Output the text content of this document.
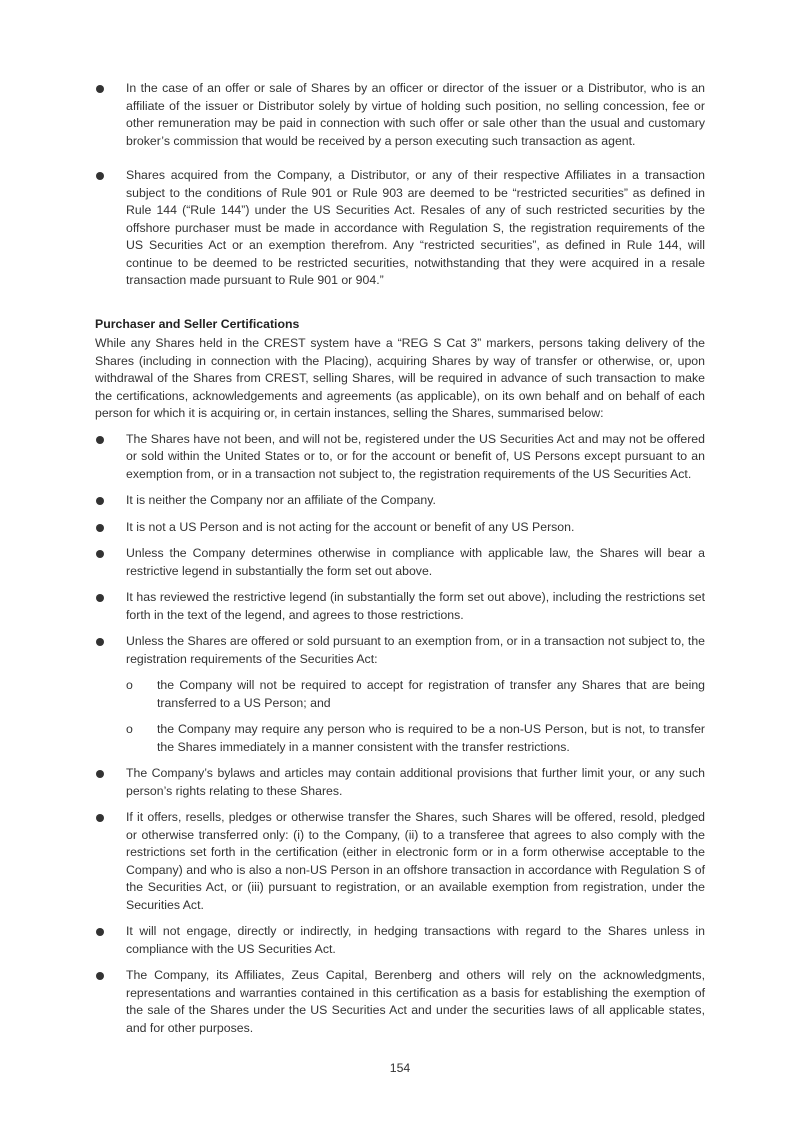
In the case of an offer or sale of Shares by an officer or director of the issuer or a Distributor, who is an affiliate of the issuer or Distributor solely by virtue of holding such position, no selling concession, fee or other remuneration may be paid in connection with such offer or sale other than the usual and customary broker’s commission that would be received by a person executing such transaction as agent.

Shares acquired from the Company, a Distributor, or any of their respective Affiliates in a transaction subject to the conditions of Rule 901 or Rule 903 are deemed to be “restricted securities” as defined in Rule 144 (“Rule 144”) under the US Securities Act. Resales of any of such restricted securities by the offshore purchaser must be made in accordance with Regulation S, the registration requirements of the US Securities Act or an exemption therefrom. Any “restricted securities”, as defined in Rule 144, will continue to be deemed to be restricted securities, notwithstanding that they were acquired in a resale transaction made pursuant to Rule 901 or 904.”

Purchaser and Seller Certifications

While any Shares held in the CREST system have a “REG S Cat 3” markers, persons taking delivery of the Shares (including in connection with the Placing), acquiring Shares by way of transfer or otherwise, or, upon withdrawal of the Shares from CREST, selling Shares, will be required in advance of such transaction to make the certifications, acknowledgements and agreements (as applicable), on its own behalf and on behalf of each person for which it is acquiring or, in certain instances, selling the Shares, summarised below:

The Shares have not been, and will not be, registered under the US Securities Act and may not be offered or sold within the United States or to, or for the account or benefit of, US Persons except pursuant to an exemption from, or in a transaction not subject to, the registration requirements of the US Securities Act.

It is neither the Company nor an affiliate of the Company.

It is not a US Person and is not acting for the account or benefit of any US Person.

Unless the Company determines otherwise in compliance with applicable law, the Shares will bear a restrictive legend in substantially the form set out above.

It has reviewed the restrictive legend (in substantially the form set out above), including the restrictions set forth in the text of the legend, and agrees to those restrictions.

Unless the Shares are offered or sold pursuant to an exemption from, or in a transaction not subject to, the registration requirements of the Securities Act:

o the Company will not be required to accept for registration of transfer any Shares that are being transferred to a US Person; and
o the Company may require any person who is required to be a non-US Person, but is not, to transfer the Shares immediately in a manner consistent with the transfer restrictions.

The Company’s bylaws and articles may contain additional provisions that further limit your, or any such person’s rights relating to these Shares.

If it offers, resells, pledges or otherwise transfer the Shares, such Shares will be offered, resold, pledged or otherwise transferred only: (i) to the Company, (ii) to a transferee that agrees to also comply with the restrictions set forth in the certification (either in electronic form or in a form otherwise acceptable to the Company) and who is also a non-US Person in an offshore transaction in accordance with Regulation S of the Securities Act, or (iii) pursuant to registration, or an available exemption from registration, under the Securities Act.

It will not engage, directly or indirectly, in hedging transactions with regard to the Shares unless in compliance with the US Securities Act.

The Company, its Affiliates, Zeus Capital, Berenberg and others will rely on the acknowledgments, representations and warranties contained in this certification as a basis for establishing the exemption of the sale of the Shares under the US Securities Act and under the securities laws of all applicable states, and for other purposes.

154
